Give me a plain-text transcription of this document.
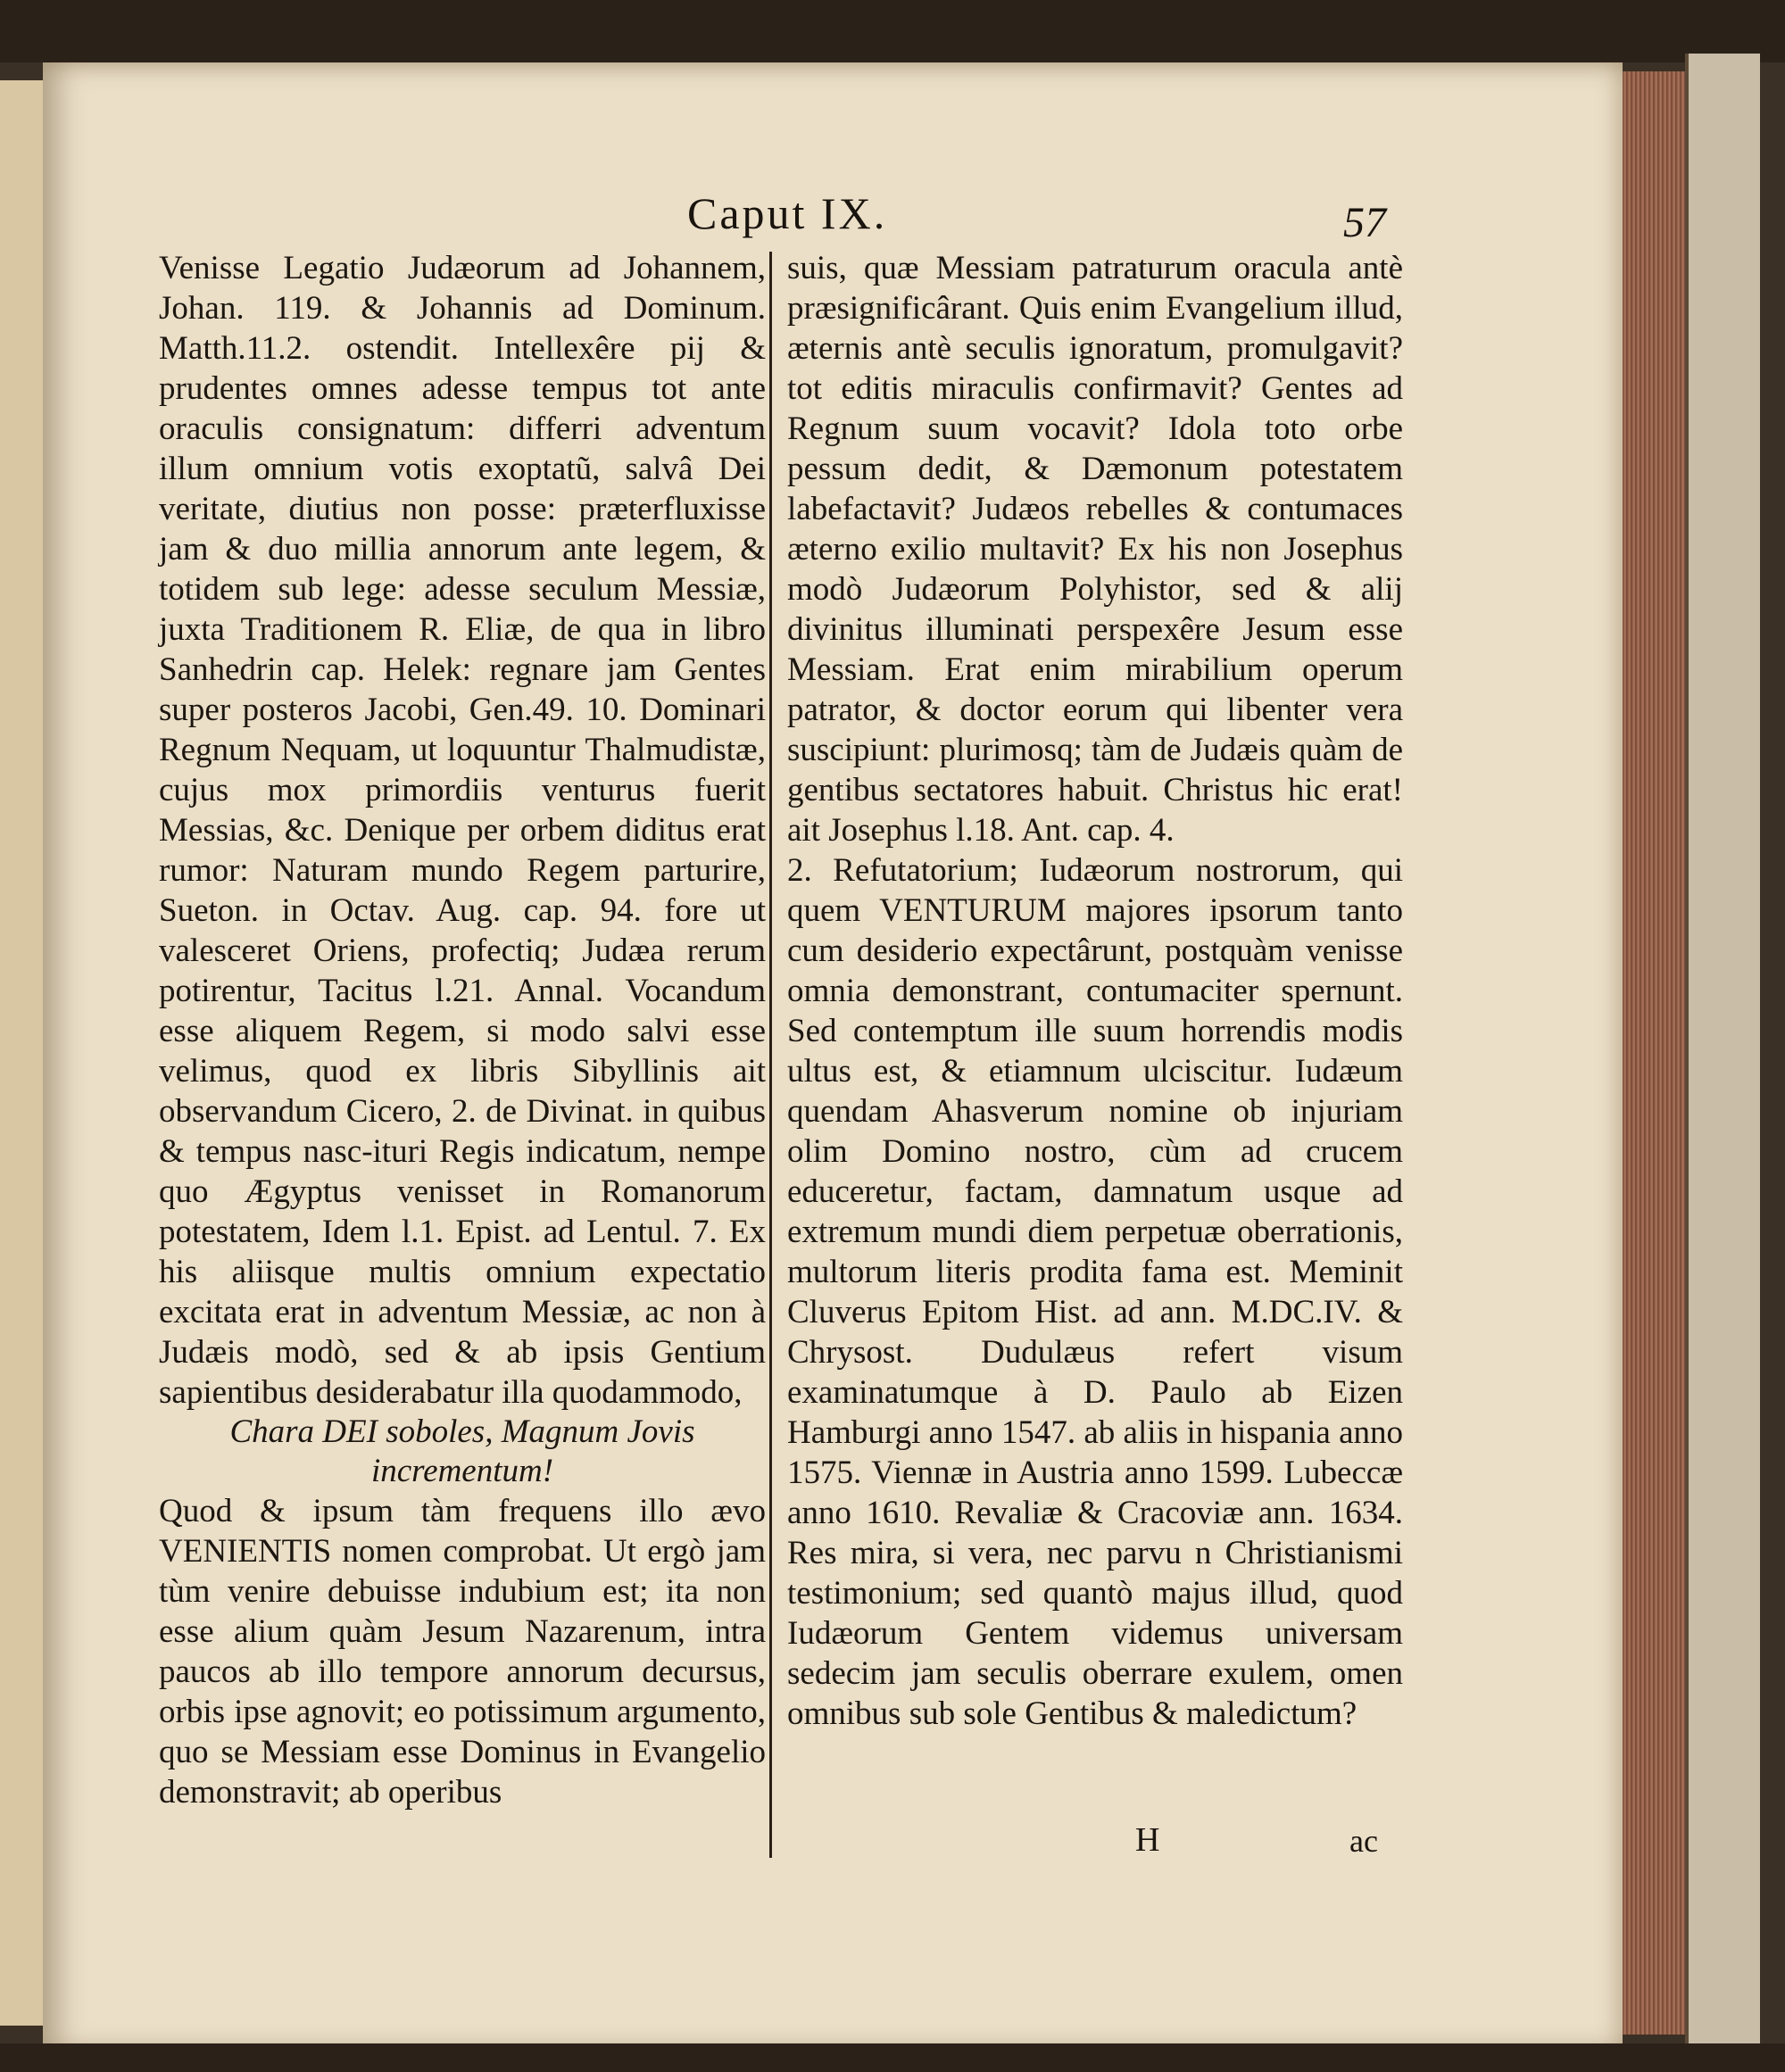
Caput IX.	57

Venisse Legatio Judæorum ad Johannem, Johan. 119. & Johannis ad Dominum. Matth.11.2. ostendit. Intellexêre pij & prudentes omnes adesse tempus tot ante oraculis consignatum: differri adventum illum omnium votis exoptatũ, salvâ Dei veritate, diutius non posse: præterfluxisse jam & duo millia annorum ante legem, & totidem sub lege: adesse seculum Messiæ, juxta Traditionem R. Eliæ, de qua in libro Sanhedrin cap. Helek: regnare jam Gentes super posteros Jacobi, Gen.49. 10. Dominari Regnum Nequam, ut loquuntur Thalmudistæ, cujus mox primordiis venturus fuerit Messias, &c. Denique per orbem diditus erat rumor: Naturam mundo Regem parturire, Sueton. in Octav. Aug. cap. 94. fore ut valesceret Oriens, profectiq; Judæa rerum potirentur, Tacitus l.21. Annal. Vocandum esse aliquem Regem, si modo salvi esse velimus, quod ex libris Sibyllinis ait observandum Cicero, 2. de Divinat. in quibus & tempus nasc-ituri Regis indicatum, nempe quo Ægyptus venisset in Romanorum potestatem, Idem l.1. Epist. ad Lentul. 7. Ex his aliisque multis omnium expectatio excitata erat in adventum Messiæ, ac non à Judæis modò, sed & ab ipsis Gentium sapientibus desiderabatur illa quodammodo,

Chara DEI soboles, Magnum Jovis incrementum!

Quod & ipsum tàm frequens illo ævo VENIENTIS nomen comprobat. Ut ergò jam tùm venire debuisse indubium est; ita non esse alium quàm Jesum Nazarenum, intra paucos ab illo tempore annorum decursus, orbis ipse agnovit; eo potissimum argumento, quo se Messiam esse Dominus in Evangelio demonstravit; ab operibus

suis, quæ Messiam patraturum oracula antè præsignificârant. Quis enim Evangelium illud, æternis antè seculis ignoratum, promulgavit? tot editis miraculis confirmavit? Gentes ad Regnum suum vocavit? Idola toto orbe pessum dedit, & Dæmonum potestatem labefactavit? Judæos rebelles & contumaces æterno exilio multavit? Ex his non Josephus modò Judæorum Polyhistor, sed & alij divinitus illuminati perspexêre Jesum esse Messiam. Erat enim mirabilium operum patrator, & doctor eorum qui libenter vera suscipiunt: plurimosq; tàm de Judæis quàm de gentibus sectatores habuit. Christus hic erat! ait Josephus l.18. Ant. cap. 4.

2. Refutatorium; Iudæorum nostrorum, qui quem VENTURUM majores ipsorum tanto cum desiderio expectârunt, postquàm venisse omnia demonstrant, contumaciter spernunt. Sed contemptum ille suum horrendis modis ultus est, & etiamnum ulciscitur. Iudæum quendam Ahasverum nomine ob injuriam olim Domino nostro, cùm ad crucem educeretur, factam, damnatum usque ad extremum mundi diem perpetuæ oberrationis, multorum literis prodita fama est. Meminit Cluverus Epitom Hist. ad ann. M.DC.IV. & Chrysost. Dudulæus refert visum examinatumque à D. Paulo ab Eizen Hamburgi anno 1547. ab aliis in hispania anno 1575. Viennæ in Austria anno 1599. Lubeccæ anno 1610. Revaliæ & Cracoviæ ann. 1634. Res mira, si vera, nec parvu n Christianismi testimonium; sed quantò majus illud, quod Iudæorum Gentem videmus universam sedecim jam seculis oberrare exulem, omen omnibus sub sole Gentibus & maledictum?

H	ac
